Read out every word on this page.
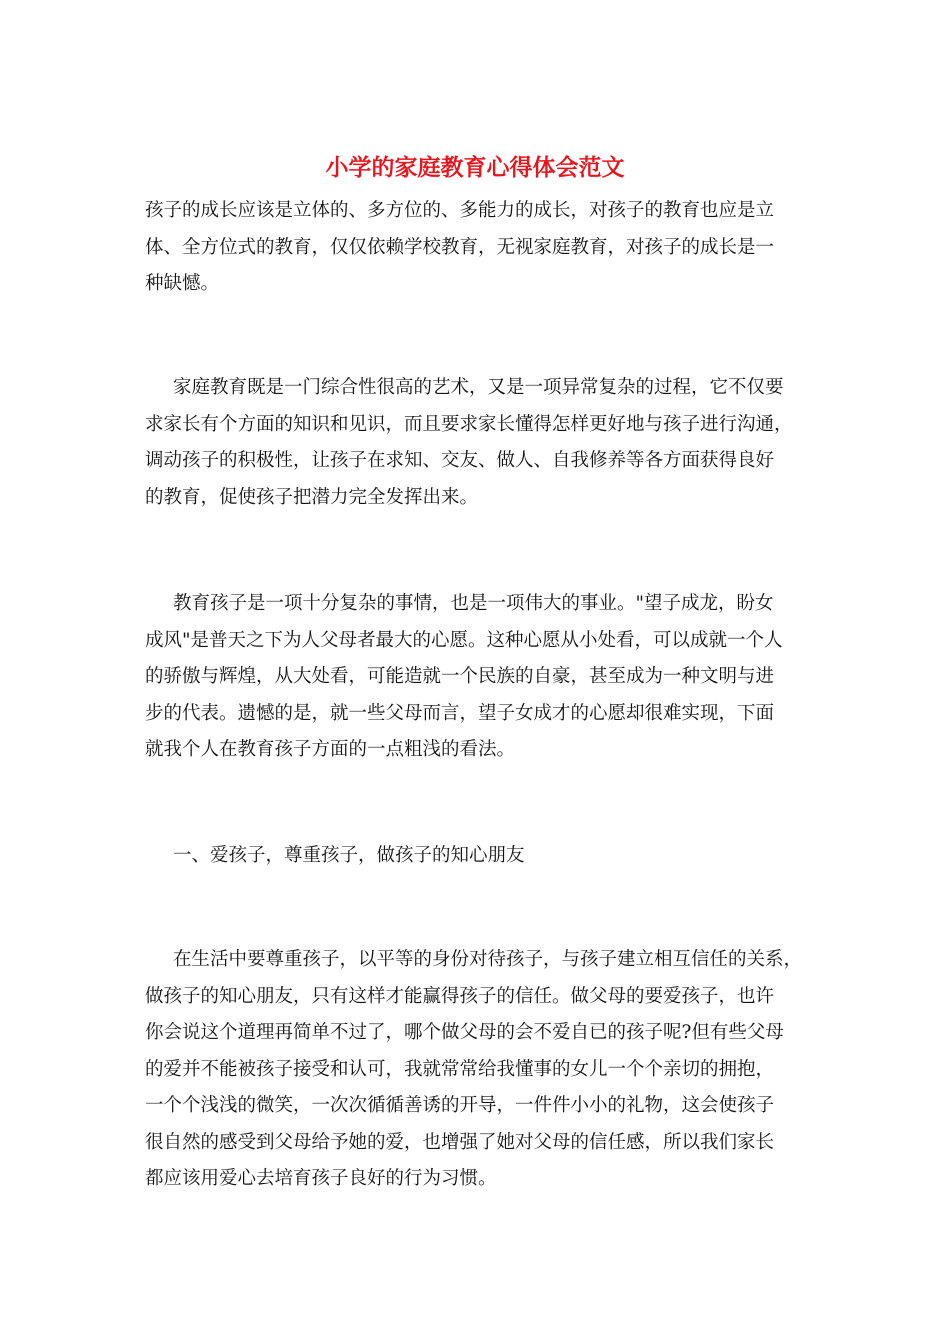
小学的家庭教育心得体会范文
孩子的成长应该是立体的、多方位的、多能力的成长，对孩子的教育也应是立
体、全方位式的教育，仅仅依赖学校教育，无视家庭教育，对孩子的成长是一
种缺憾。
家庭教育既是一门综合性很高的艺术，又是一项异常复杂的过程，它不仅要
求家长有个方面的知识和见识，而且要求家长懂得怎样更好地与孩子进行沟通，
调动孩子的积极性，让孩子在求知、交友、做人、自我修养等各方面获得良好
的教育，促使孩子把潜力完全发挥出来。
教育孩子是一项十分复杂的事情，也是一项伟大的事业。"望子成龙，盼女
成风"是普天之下为人父母者最大的心愿。这种心愿从小处看，可以成就一个人
的骄傲与辉煌，从大处看，可能造就一个民族的自豪，甚至成为一种文明与进
步的代表。遗憾的是，就一些父母而言，望子女成才的心愿却很难实现，下面
就我个人在教育孩子方面的一点粗浅的看法。
一、爱孩子，尊重孩子，做孩子的知心朋友
在生活中要尊重孩子，以平等的身份对待孩子，与孩子建立相互信任的关系，
做孩子的知心朋友，只有这样才能赢得孩子的信任。做父母的要爱孩子，也许
你会说这个道理再简单不过了，哪个做父母的会不爱自已的孩子呢?但有些父母
的爱并不能被孩子接受和认可，我就常常给我懂事的女儿一个个亲切的拥抱，
一个个浅浅的微笑，一次次循循善诱的开导，一件件小小的礼物，这会使孩子
很自然的感受到父母给予她的爱，也增强了她对父母的信任感，所以我们家长
都应该用爱心去培育孩子良好的行为习惯。
